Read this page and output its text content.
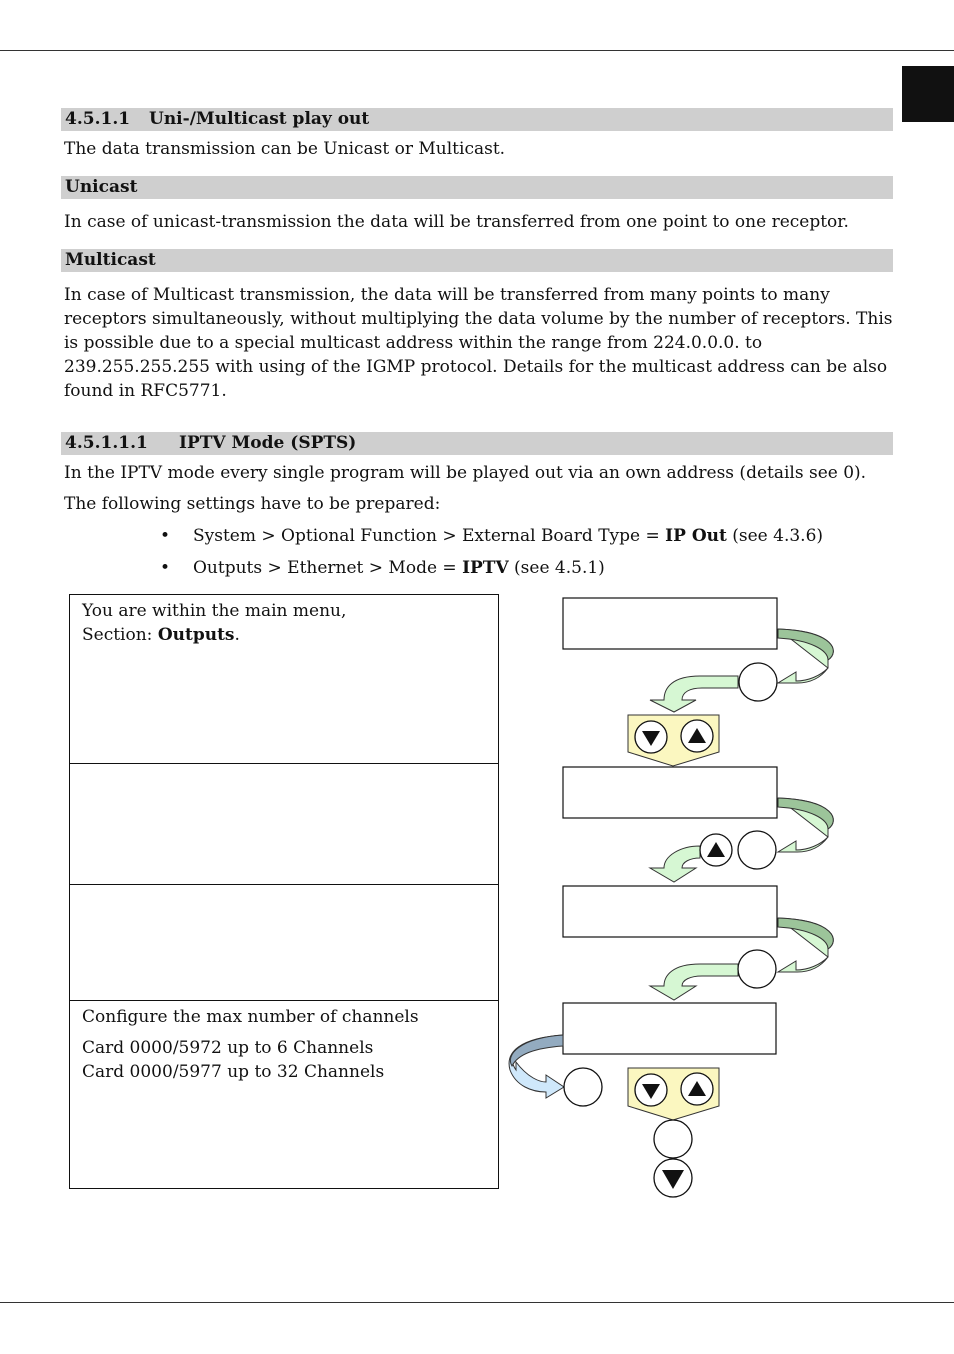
4.5.1.1 Uni-/Multicast play out
The data transmission can be Unicast or Multicast.
Unicast
In case of unicast-transmission the data will be transferred from one point to one receptor.
Multicast
In case of Multicast transmission, the data will be transferred from many points to many receptors simultaneously, without multiplying the data volume by the number of receptors. This is possible due to a special multicast address within the range from 224.0.0.0. to 239.255.255.255 with using of the IGMP protocol. Details for the multicast address can be also found in RFC5771.
4.5.1.1.1 IPTV Mode (SPTS)
In the IPTV mode every single program will be played out via an own address (details see 0).
The following settings have to be prepared:
• System > Optional Function > External Board Type = IP Out (see 4.3.6)
• Outputs > Ethernet > Mode = IPTV (see 4.5.1)

You are within the main menu,

Section: Outputs.

Configure the max number of channels

Card 0000/5972 up to 6 Channels

Card 0000/5977 up to 32 Channels
